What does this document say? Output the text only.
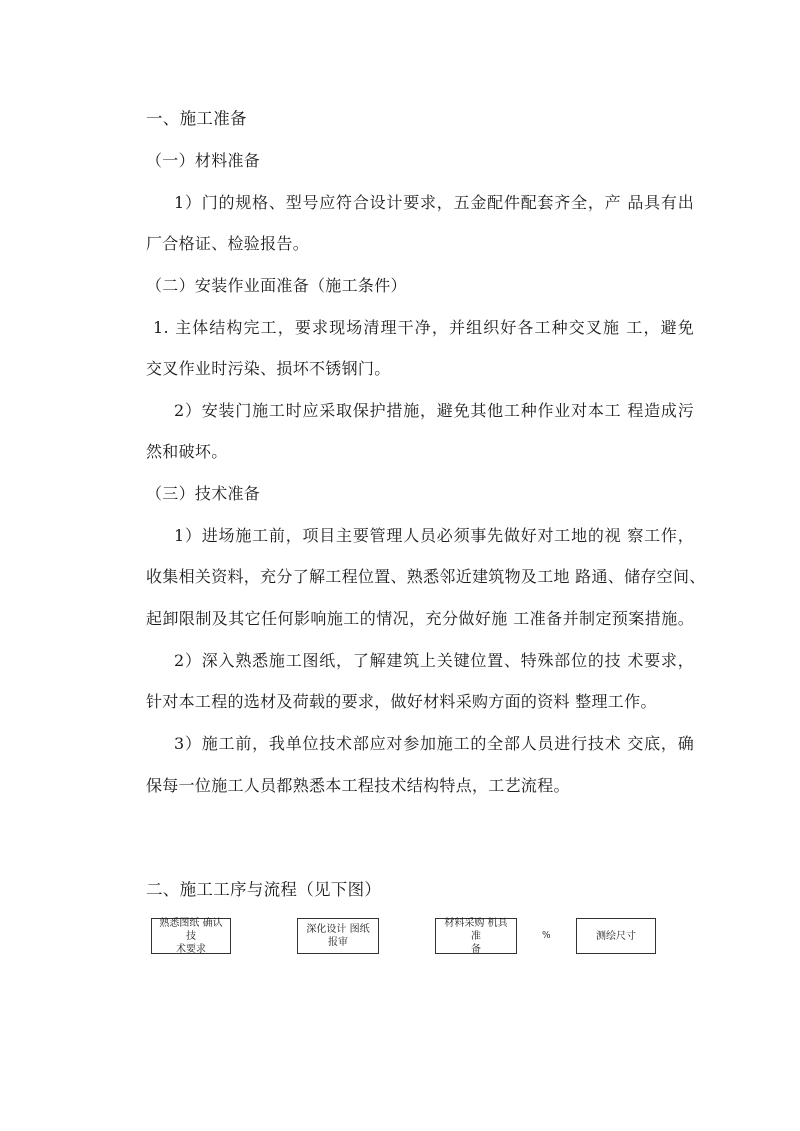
一、施工准备
（一）材料准备
1）门的规格、型号应符合设计要求，五金配件配套齐全，产 品具有出
厂合格证、检验报告。
（二）安装作业面准备（施工条件）
1. 主体结构完工，要求现场清理干净，并组织好各工种交叉施 工，避免
交叉作业时污染、损坏不锈钢门。
2）安装门施工时应采取保护措施，避免其他工种作业对本工 程造成污
然和破坏。
（三）技术准备
1）进场施工前，项目主要管理人员必须事先做好对工地的视 察工作，
收集相关资料，充分了解工程位置、熟悉邻近建筑物及工地 路通、储存空间、
起卸限制及其它任何影响施工的情况，充分做好施 工准备并制定预案措施。
2）深入熟悉施工图纸，了解建筑上关键位置、特殊部位的技 术要求，
针对本工程的选材及荷载的要求，做好材料采购方面的资料 整理工作。
3）施工前，我单位技术部应对参加施工的全部人员进行技术 交底，确
保每一位施工人员都熟悉本工程技术结构特点，工艺流程。
二、施工工序与流程（见下图）
熟悉图纸 确认技
术要求
深化设计 图纸
报审
材料采购 机具准
备
%	测绘尺寸
